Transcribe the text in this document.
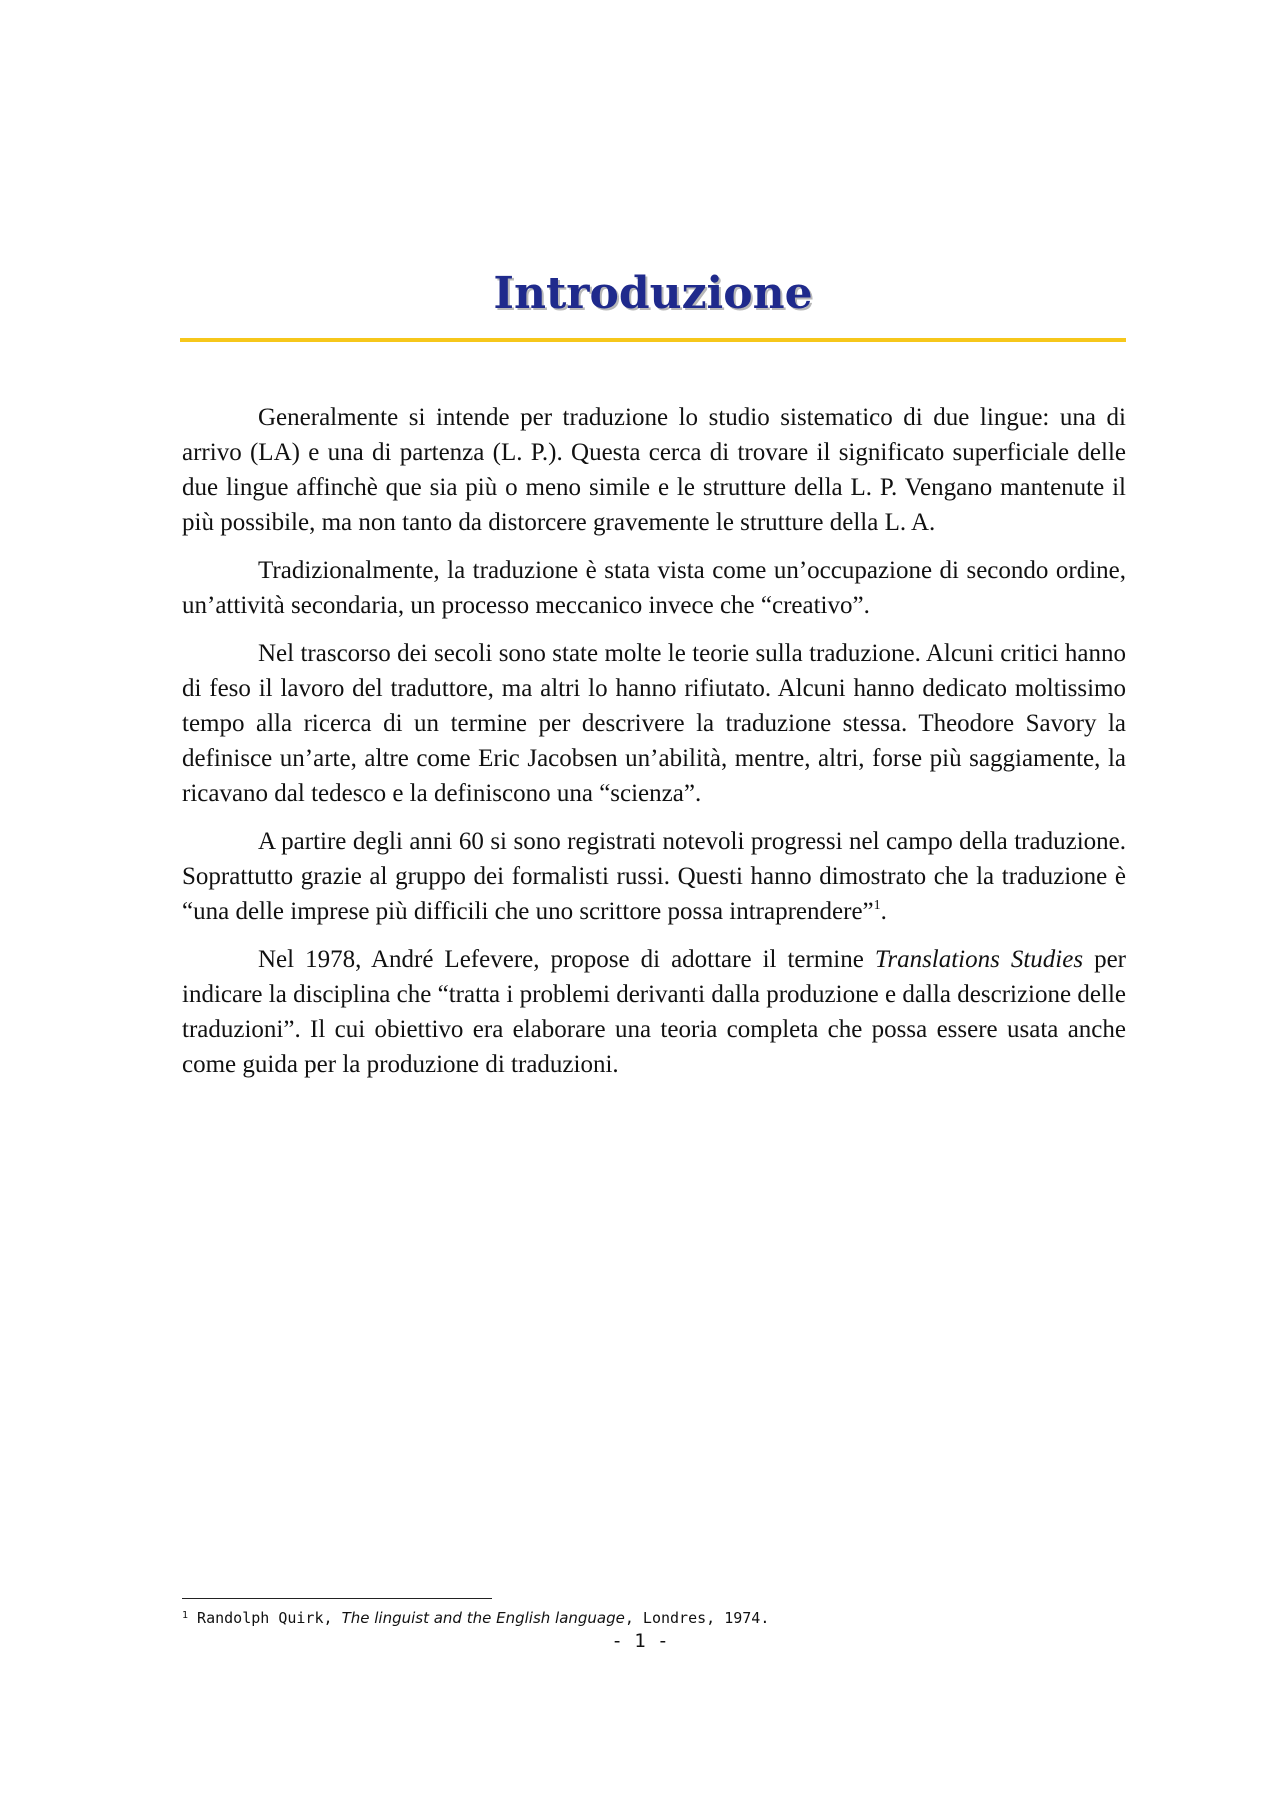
Introduzione

Generalmente si intende per traduzione lo studio sistematico di due lingue: una di arrivo (LA) e una di partenza (L. P.). Questa cerca di trovare il significato superficiale delle due lingue affinchè que sia più o meno simile e le strutture della L. P. Vengano mantenute il più possibile, ma non tanto da distorcere gravemente le strutture della L. A.

Tradizionalmente, la traduzione è stata vista come un’occupazione di secondo ordine, un’attività secondaria, un processo meccanico invece che “creativo”.

Nel trascorso dei secoli sono state molte le teorie sulla traduzione. Alcuni critici hanno di feso il lavoro del traduttore, ma altri lo hanno rifiutato. Alcuni hanno dedicato moltissimo tempo alla ricerca di un termine per descrivere la traduzione stessa. Theodore Savory la definisce un’arte, altre come Eric Jacobsen un’abilità, mentre, altri, forse più saggiamente, la ricavano dal tedesco e la definiscono una “scienza”.

A partire degli anni 60 si sono registrati notevoli progressi nel campo della traduzione. Soprattutto grazie al gruppo dei formalisti russi. Questi hanno dimostrato che la traduzione è “una delle imprese più difficili che uno scrittore possa intraprendere”$^1$.

Nel 1978, André Lefevere, propose di adottare il termine Translations Studies per indicare la disciplina che “tratta i problemi derivanti dalla produzione e dalla descrizione delle traduzioni”. Il cui obiettivo era elaborare una teoria completa che possa essere usata anche come guida per la produzione di traduzioni.

$^1$ Randolph Quirk, The linguist and the English language, Londres, 1974.
- 1 -
